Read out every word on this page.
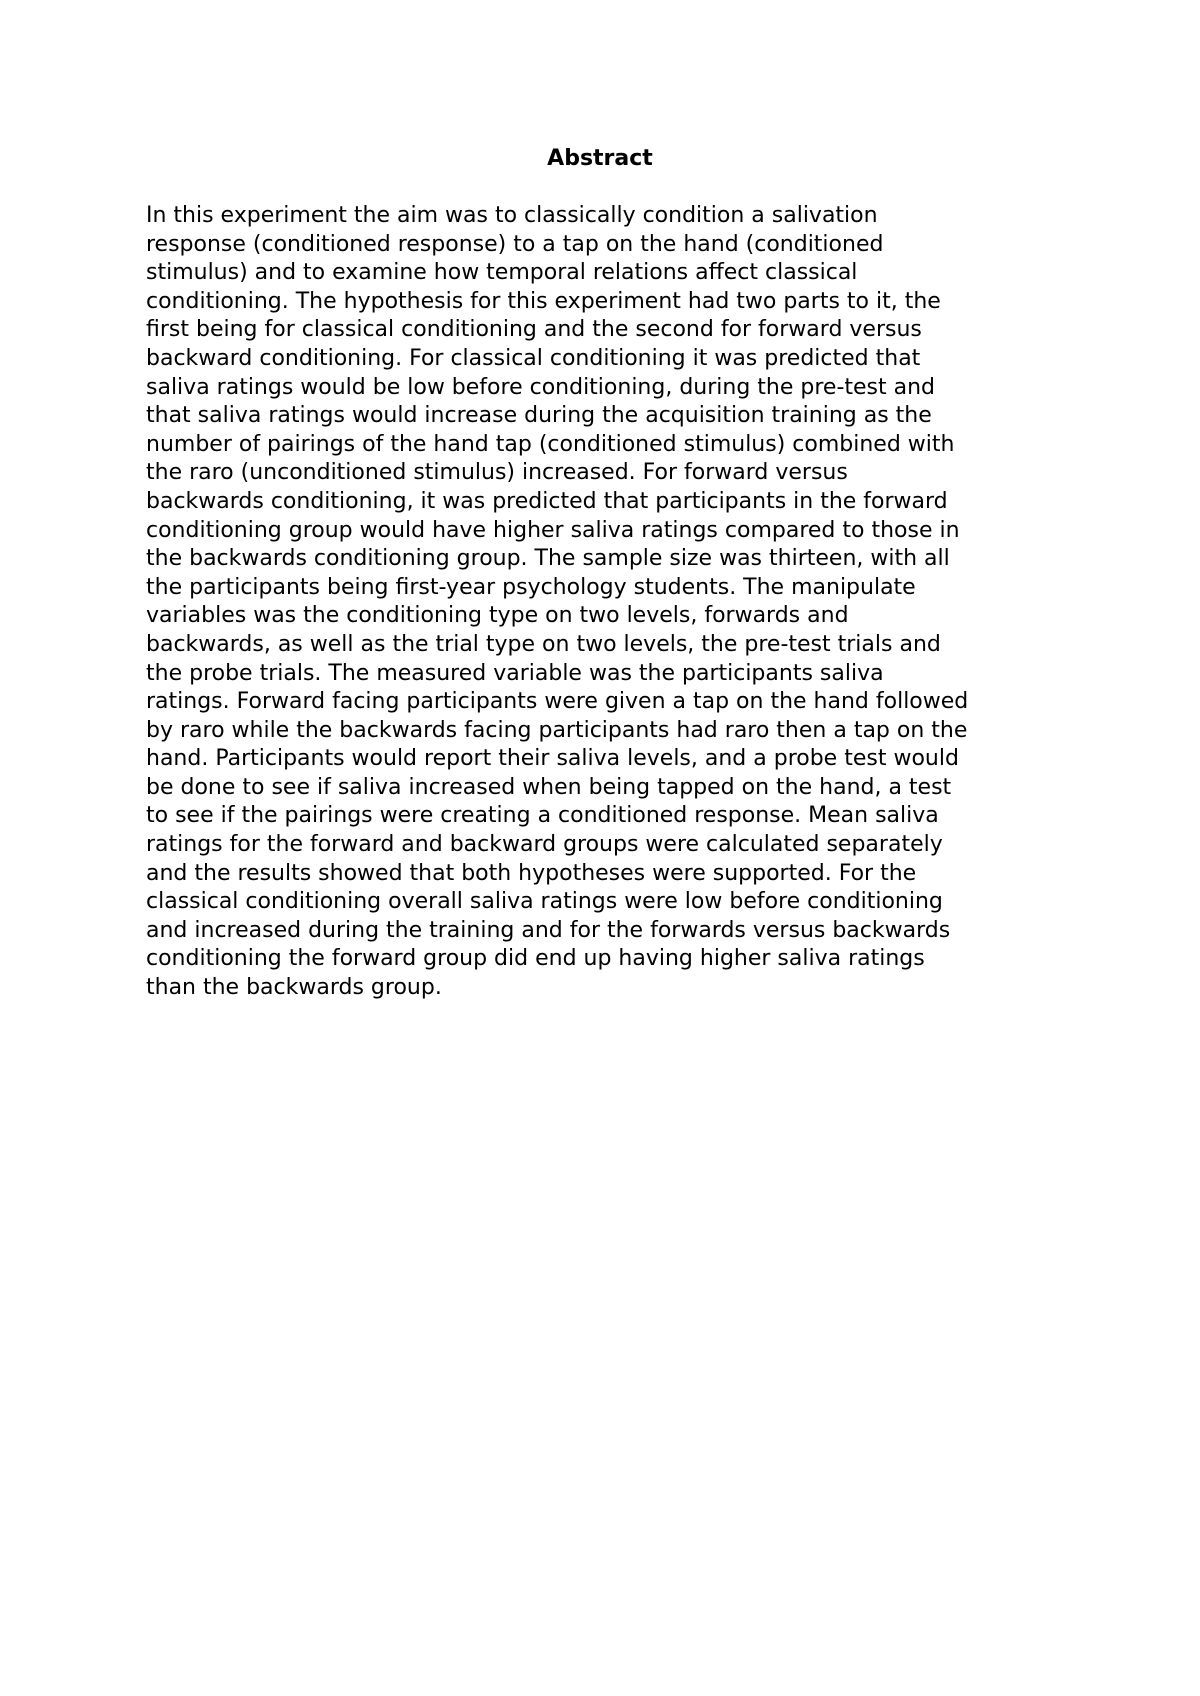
Abstract

In this experiment the aim was to classically condition a salivation
response (conditioned response) to a tap on the hand (conditioned
stimulus) and to examine how temporal relations affect classical
conditioning. The hypothesis for this experiment had two parts to it, the
first being for classical conditioning and the second for forward versus
backward conditioning. For classical conditioning it was predicted that
saliva ratings would be low before conditioning, during the pre-test and
that saliva ratings would increase during the acquisition training as the
number of pairings of the hand tap (conditioned stimulus) combined with
the raro (unconditioned stimulus) increased. For forward versus
backwards conditioning, it was predicted that participants in the forward
conditioning group would have higher saliva ratings compared to those in
the backwards conditioning group. The sample size was thirteen, with all
the participants being first-year psychology students. The manipulate
variables was the conditioning type on two levels, forwards and
backwards, as well as the trial type on two levels, the pre-test trials and
the probe trials. The measured variable was the participants saliva
ratings. Forward facing participants were given a tap on the hand followed
by raro while the backwards facing participants had raro then a tap on the
hand. Participants would report their saliva levels, and a probe test would
be done to see if saliva increased when being tapped on the hand, a test
to see if the pairings were creating a conditioned response. Mean saliva
ratings for the forward and backward groups were calculated separately
and the results showed that both hypotheses were supported. For the
classical conditioning overall saliva ratings were low before conditioning
and increased during the training and for the forwards versus backwards
conditioning the forward group did end up having higher saliva ratings
than the backwards group.
